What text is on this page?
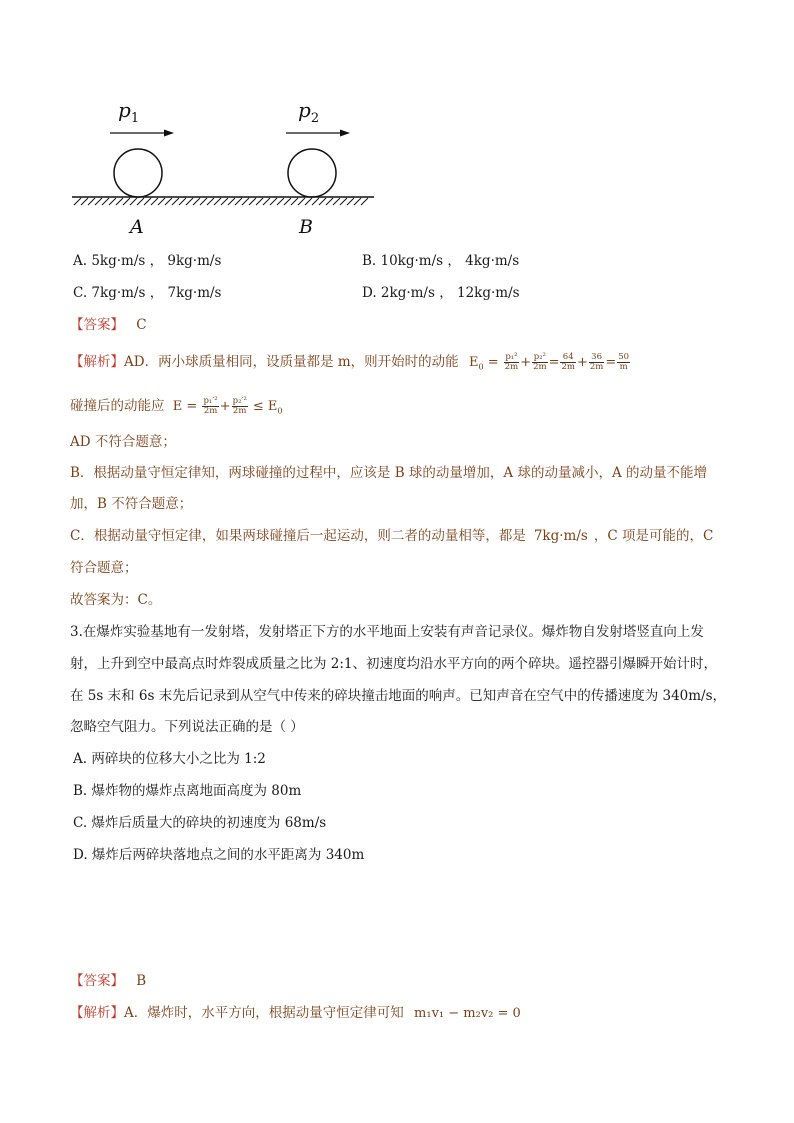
$p_1$	$p_2$
A	B
A. 5kg·m/s ， 9kg·m/s	B. 10kg·m/s ， 4kg·m/s
C. 7kg·m/s ， 7kg·m/s	D. 2kg·m/s ， 12kg·m/s
【答案】 C
【解析】AD．两小球质量相同，设质量都是 m，则开始时的动能 $E_0 = \frac{\text{p₁²}}{2m} + \frac{\text{p₂²}}{2m} = \frac{64}{2m} + \frac{36}{2m} = \frac{50}{m}$
碰撞后的动能应 $E = \frac{\text{p₁′²}}{2m} + \frac{\text{p₂′²}}{2m} \le E_0$
AD 不符合题意；
B．根据动量守恒定律知，两球碰撞的过程中，应该是 B 球的动量增加，A 球的动量减小，A 的动量不能增
加，B 不符合题意；
C．根据动量守恒定律，如果两球碰撞后一起运动，则二者的动量相等，都是 7kg·m/s ，C 项是可能的，C
符合题意；
故答案为：C。
3.在爆炸实验基地有一发射塔，发射塔正下方的水平地面上安装有声音记录仪。爆炸物自发射塔竖直向上发
射，上升到空中最高点时炸裂成质量之比为 2:1、初速度均沿水平方向的两个碎块。遥控器引爆瞬开始计时，
在 5s 末和 6s 末先后记录到从空气中传来的碎块撞击地面的响声。已知声音在空气中的传播速度为 340m/s，
忽略空气阻力。下列说法正确的是（ ）
A. 两碎块的位移大小之比为 1:2
B. 爆炸物的爆炸点离地面高度为 80m
C. 爆炸后质量大的碎块的初速度为 68m/s
D. 爆炸后两碎块落地点之间的水平距离为 340m
【答案】 B
【解析】A．爆炸时，水平方向，根据动量守恒定律可知 m₁v₁ − m₂v₂ = 0
